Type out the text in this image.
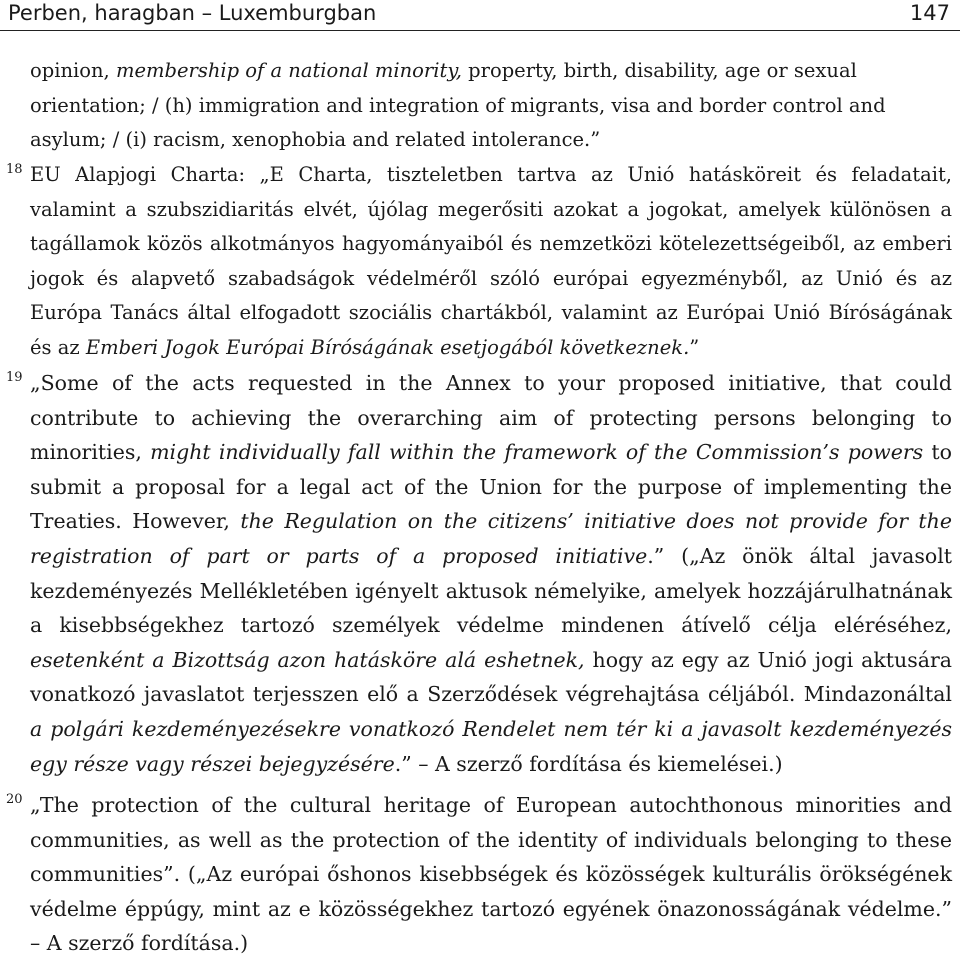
Perben, haragban – Luxemburgban	147

opinion, membership of a national minority, property, birth, disability, age or sexual orientation; / (h) immigration and integration of migrants, visa and border control and asylum; / (i) racism, xenophobia and related intolerance.”

18 EU Alapjogi Charta: „E Charta, tiszteletben tartva az Unió hatásköreit és feladatait, valamint a szubszidiaritás elvét, újólag megerősiti azokat a jogokat, amelyek különösen a tagállamok közös alkotmányos hagyományaiból és nemzetközi kötelezettségeiből, az emberi jogok és alapvető szabadságok védelméről szóló európai egyezményből, az Unió és az Európa Tanács által elfogadott szociális chartákból, valamint az Európai Unió Bíróságának és az Emberi Jogok Európai Bíróságának esetjogából következnek.”

19 „Some of the acts requested in the Annex to your proposed initiative, that could contribute to achieving the overarching aim of protecting persons belonging to minorities, might individually fall within the framework of the Commission’s powers to submit a proposal for a legal act of the Union for the purpose of implementing the Treaties. However, the Regulation on the citizens’ initiative does not provide for the registration of part or parts of a proposed initiative.” („Az önök által javasolt kezdeményezés Mellékletében igényelt aktusok némelyike, amelyek hozzájárulhatnának a kisebbségekhez tartozó személyek védelme mindenen átívelő célja eléréséhez, esetenként a Bizottság azon hatásköre alá eshetnek, hogy az egy az Unió jogi aktusára vonatkozó javaslatot terjesszen elő a Szerződések végrehajtása céljából. Mindazonáltal a polgári kezdeményezésekre vonatkozó Rendelet nem tér ki a javasolt kezdeményezés egy része vagy részei bejegyzésére.” – A szerző fordítása és kiemelései.)

20 „The protection of the cultural heritage of European autochthonous minorities and communities, as well as the protection of the identity of individuals belonging to these communities”. („Az európai őshonos kisebbségek és közösségek kulturális örökségének védelme éppúgy, mint az e közösségekhez tartozó egyének önazonosságának védelme.” – A szerző fordítása.)
